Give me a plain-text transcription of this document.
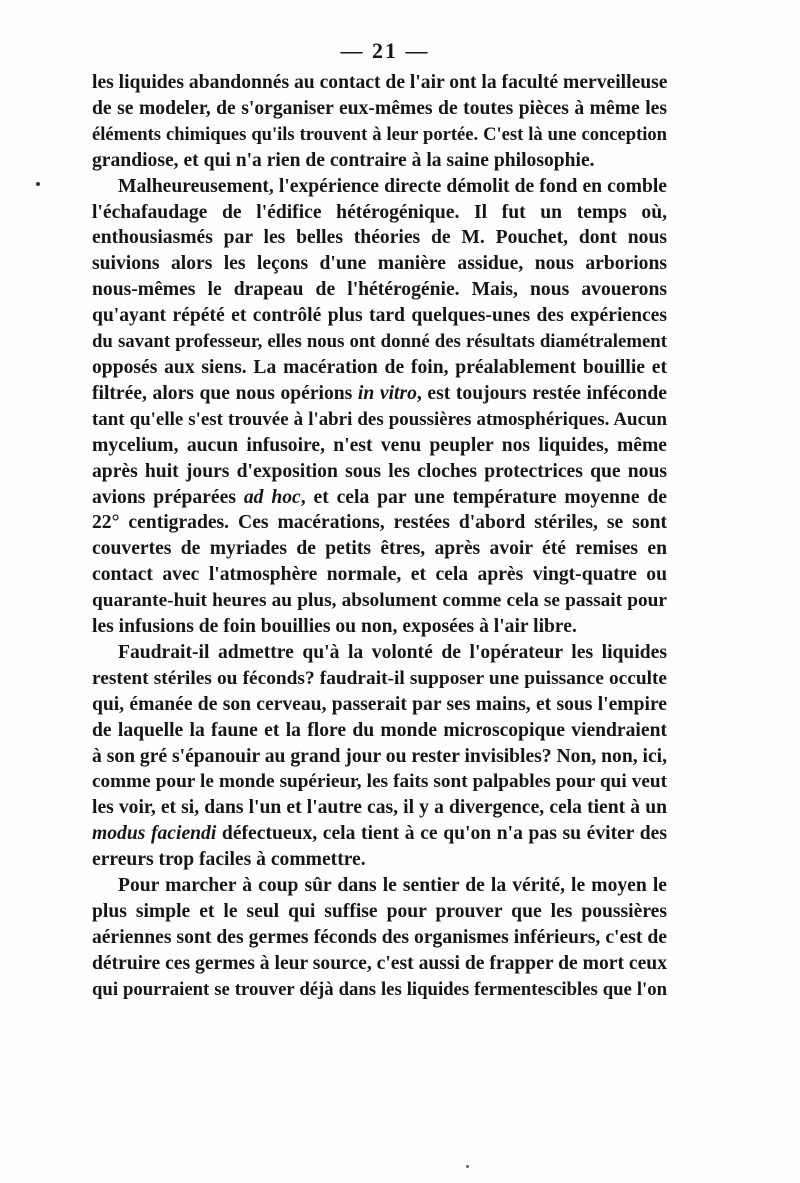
— 21 —

les liquides abandonnés au contact de l'air ont la faculté merveilleuse
de se modeler, de s'organiser eux-mêmes de toutes pièces à même les
éléments chimiques qu'ils trouvent à leur portée. C'est là une conception
grandiose, et qui n'a rien de contraire à la saine philosophie.

Malheureusement, l'expérience directe démolit de fond en comble
l'échafaudage de l'édifice hétérogénique. Il fut un temps où,
enthousiasmés par les belles théories de M. Pouchet, dont nous
suivions alors les leçons d'une manière assidue, nous arborions
nous-mêmes le drapeau de l'hétérogénie. Mais, nous avouerons
qu'ayant répété et contrôlé plus tard quelques-unes des expériences
du savant professeur, elles nous ont donné des résultats diamétralement
opposés aux siens. La macération de foin, préalablement bouillie et
filtrée, alors que nous opérions in vitro, est toujours restée inféconde
tant qu'elle s'est trouvée à l'abri des poussières atmosphériques. Aucun
mycelium, aucun infusoire, n'est venu peupler nos liquides, même
après huit jours d'exposition sous les cloches protectrices que nous
avions préparées ad hoc, et cela par une température moyenne de
22° centigrades. Ces macérations, restées d'abord stériles, se sont
couvertes de myriades de petits êtres, après avoir été remises en
contact avec l'atmosphère normale, et cela après vingt-quatre ou
quarante-huit heures au plus, absolument comme cela se passait pour
les infusions de foin bouillies ou non, exposées à l'air libre.

Faudrait-il admettre qu'à la volonté de l'opérateur les liquides
restent stériles ou féconds? faudrait-il supposer une puissance occulte
qui, émanée de son cerveau, passerait par ses mains, et sous l'empire
de laquelle la faune et la flore du monde microscopique viendraient
à son gré s'épanouir au grand jour ou rester invisibles? Non, non, ici,
comme pour le monde supérieur, les faits sont palpables pour qui veut
les voir, et si, dans l'un et l'autre cas, il y a divergence, cela tient à un
modus faciendi défectueux, cela tient à ce qu'on n'a pas su éviter des
erreurs trop faciles à commettre.

Pour marcher à coup sûr dans le sentier de la vérité, le moyen le
plus simple et le seul qui suffise pour prouver que les poussières
aériennes sont des germes féconds des organismes inférieurs, c'est de
détruire ces germes à leur source, c'est aussi de frapper de mort ceux
qui pourraient se trouver déjà dans les liquides fermentescibles que l'on
